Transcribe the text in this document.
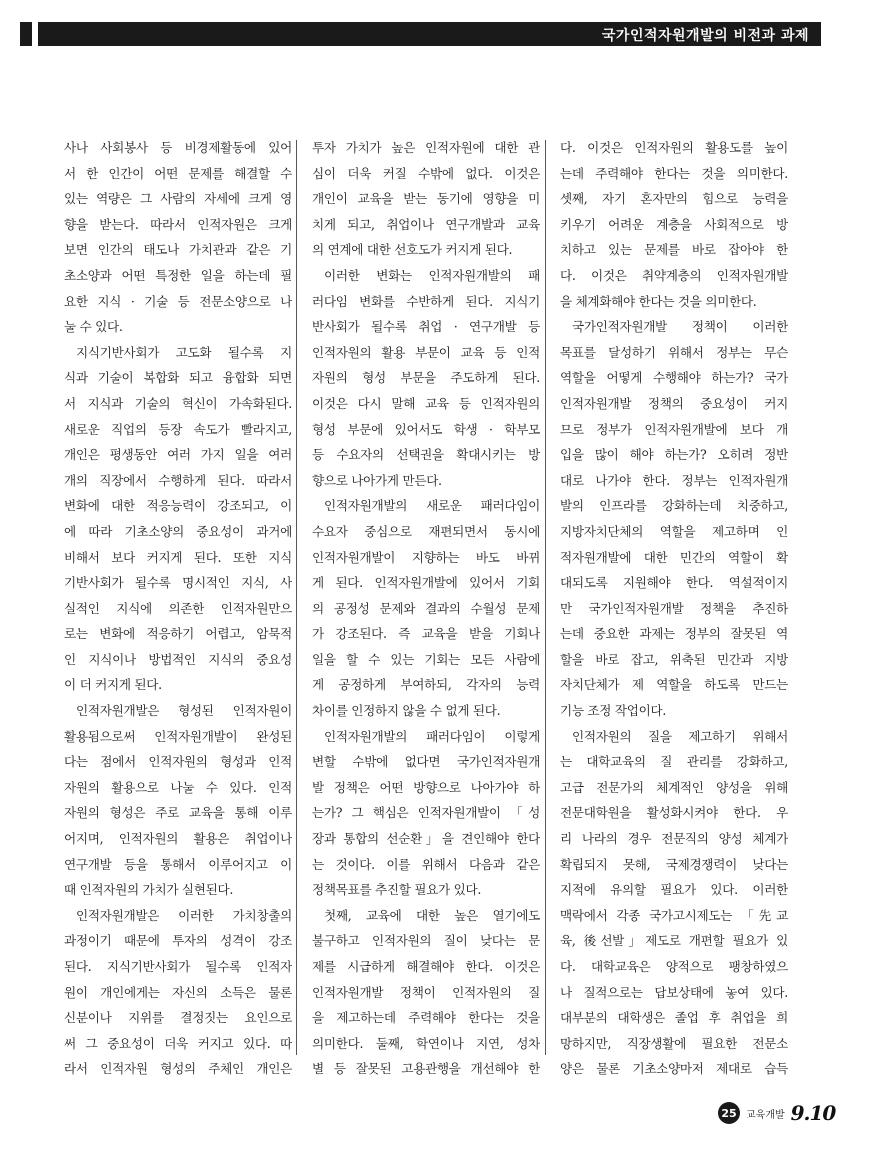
국가인적자원개발의 비전과 과제
사나 사회봉사 등 비경제활동에 있어
서 한 인간이 어떤 문제를 해결할 수
있는 역량은 그 사람의 자세에 크게 영
향을 받는다. 따라서 인적자원은 크게
보면 인간의 태도나 가치관과 같은 기
초소양과 어떤 특정한 일을 하는데 필
요한 지식 · 기술 등 전문소양으로 나
눌 수 있다.
지식기반사회가 고도화 될수록 지
식과 기술이 복합화 되고 융합화 되면
서 지식과 기술의 혁신이 가속화된다.
새로운 직업의 등장 속도가 빨라지고,
개인은 평생동안 여러 가지 일을 여러
개의 직장에서 수행하게 된다. 따라서
변화에 대한 적응능력이 강조되고, 이
에 따라 기초소양의 중요성이 과거에
비해서 보다 커지게 된다. 또한 지식
기반사회가 될수록 명시적인 지식, 사
실적인 지식에 의존한 인적자원만으
로는 변화에 적응하기 어렵고, 암묵적
인 지식이나 방법적인 지식의 중요성
이 더 커지게 된다.
인적자원개발은 형성된 인적자원이
활용됨으로써 인적자원개발이 완성된
다는 점에서 인적자원의 형성과 인적
자원의 활용으로 나눌 수 있다. 인적
자원의 형성은 주로 교육을 통해 이루
어지며, 인적자원의 활용은 취업이나
연구개발 등을 통해서 이루어지고 이
때 인적자원의 가치가 실현된다.
인적자원개발은 이러한 가치창출의
과정이기 때문에 투자의 성격이 강조
된다. 지식기반사회가 될수록 인적자
원이 개인에게는 자신의 소득은 물론
신분이나 지위를 결정짓는 요인으로
써 그 중요성이 더욱 커지고 있다. 따
라서 인적자원 형성의 주체인 개인은
투자 가치가 높은 인적자원에 대한 관
심이 더욱 커질 수밖에 없다. 이것은
개인이 교육을 받는 동기에 영향을 미
치게 되고, 취업이나 연구개발과 교육
의 연계에 대한 선호도가 커지게 된다.
이러한 변화는 인적자원개발의 패
러다임 변화를 수반하게 된다. 지식기
반사회가 될수록 취업 · 연구개발 등
인적자원의 활용 부문이 교육 등 인적
자원의 형성 부문을 주도하게 된다.
이것은 다시 말해 교육 등 인적자원의
형성 부문에 있어서도 학생 · 학부모
등 수요자의 선택권을 확대시키는 방
향으로 나아가게 만든다.
인적자원개발의 새로운 패러다임이
수요자 중심으로 재편되면서 동시에
인적자원개발이 지향하는 바도 바뀌
게 된다. 인적자원개발에 있어서 기회
의 공정성 문제와 결과의 수월성 문제
가 강조된다. 즉 교육을 받을 기회나
일을 할 수 있는 기회는 모든 사람에
게 공정하게 부여하되, 각자의 능력
차이를 인정하지 않을 수 없게 된다.
인적자원개발의 패러다임이 이렇게
변할 수밖에 없다면 국가인적자원개
발 정책은 어떤 방향으로 나아가야 하
는가? 그 핵심은 인적자원개발이 「성
장과 통합의 선순환」을 견인해야 한다
는 것이다. 이를 위해서 다음과 같은
정책목표를 추진할 필요가 있다.
첫째, 교육에 대한 높은 열기에도
불구하고 인적자원의 질이 낮다는 문
제를 시급하게 해결해야 한다. 이것은
인적자원개발 정책이 인적자원의 질
을 제고하는데 주력해야 한다는 것을
의미한다. 둘째, 학연이나 지연, 성차
별 등 잘못된 고용관행을 개선해야 한
다. 이것은 인적자원의 활용도를 높이
는데 주력해야 한다는 것을 의미한다.
셋째, 자기 혼자만의 힘으로 능력을
키우기 어려운 계층을 사회적으로 방
치하고 있는 문제를 바로 잡아야 한
다. 이것은 취약계층의 인적자원개발
을 체계화해야 한다는 것을 의미한다.
국가인적자원개발 정책이 이러한
목표를 달성하기 위해서 정부는 무슨
역할을 어떻게 수행해야 하는가? 국가
인적자원개발 정책의 중요성이 커지
므로 정부가 인적자원개발에 보다 개
입을 많이 해야 하는가? 오히려 정반
대로 나가야 한다. 정부는 인적자원개
발의 인프라를 강화하는데 치중하고,
지방자치단체의 역할을 제고하며 인
적자원개발에 대한 민간의 역할이 확
대되도록 지원해야 한다. 역설적이지
만 국가인적자원개발 정책을 추진하
는데 중요한 과제는 정부의 잘못된 역
할을 바로 잡고, 위축된 민간과 지방
자치단체가 제 역할을 하도록 만드는
기능 조정 작업이다.
인적자원의 질을 제고하기 위해서
는 대학교육의 질 관리를 강화하고,
고급 전문가의 체계적인 양성을 위해
전문대학원을 활성화시켜야 한다. 우
리 나라의 경우 전문직의 양성 체계가
확립되지 못해, 국제경쟁력이 낮다는
지적에 유의할 필요가 있다. 이러한
맥락에서 각종 국가고시제도는 「先교
육, 後선발」제도로 개편할 필요가 있
다. 대학교육은 양적으로 팽창하였으
나 질적으로는 답보상태에 놓여 있다.
대부분의 대학생은 졸업 후 취업을 희
망하지만, 직장생활에 필요한 전문소
양은 물론 기초소양마저 제대로 습득
25 교육개발 9.10
